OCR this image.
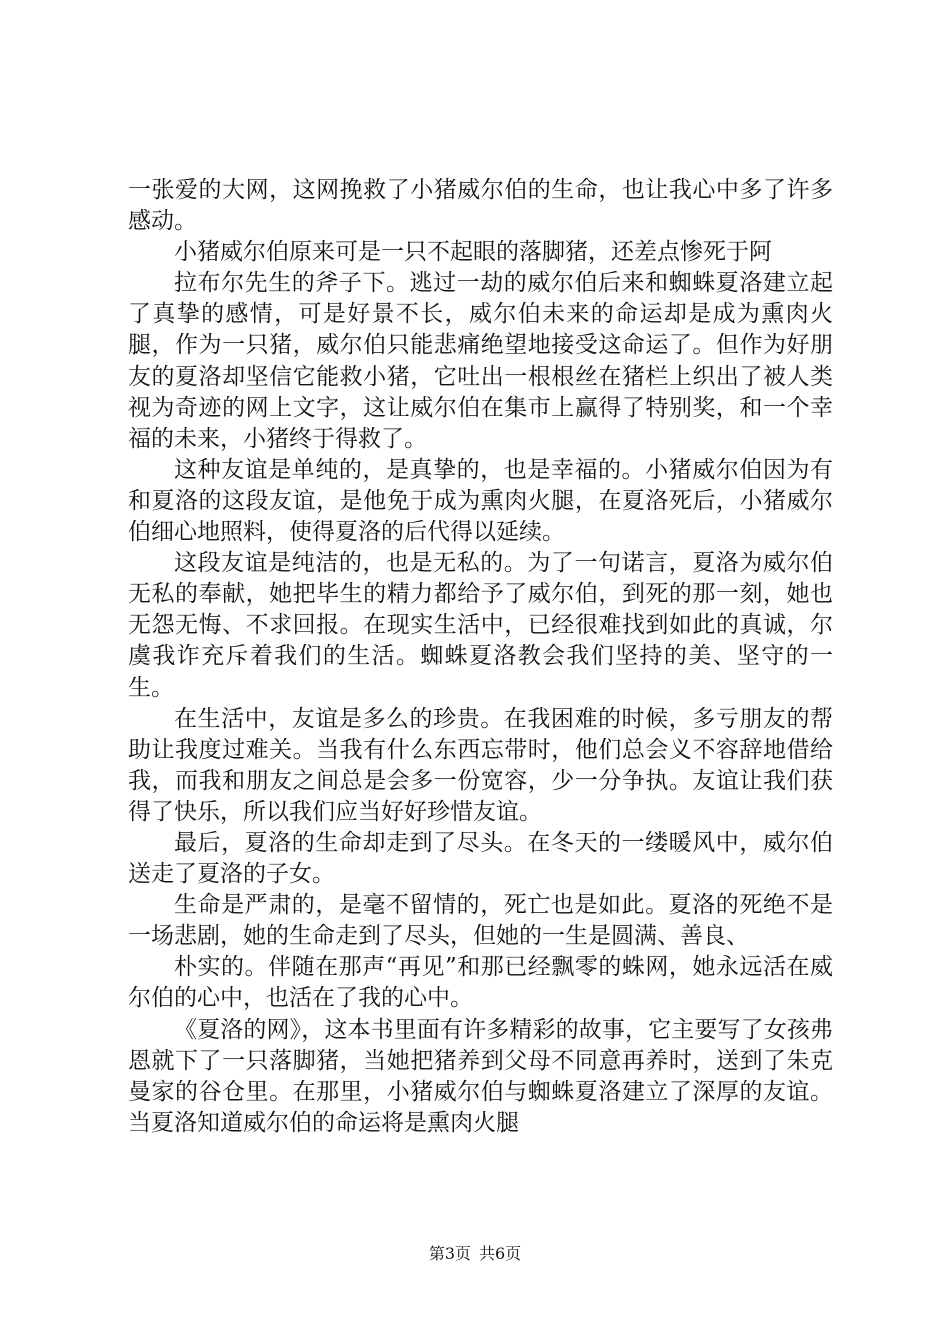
一张爱的大网，这网挽救了小猪威尔伯的生命，也让我心中多了许多感动。

小猪威尔伯原来可是一只不起眼的落脚猪，还差点惨死于阿

拉布尔先生的斧子下。逃过一劫的威尔伯后来和蜘蛛夏洛建立起了真挚的感情，可是好景不长，威尔伯未来的命运却是成为熏肉火腿，作为一只猪，威尔伯只能悲痛绝望地接受这命运了。但作为好朋友的夏洛却坚信它能救小猪，它吐出一根根丝在猪栏上织出了被人类视为奇迹的网上文字，这让威尔伯在集市上赢得了特别奖，和一个幸福的未来，小猪终于得救了。

这种友谊是单纯的，是真挚的，也是幸福的。小猪威尔伯因为有和夏洛的这段友谊，是他免于成为熏肉火腿，在夏洛死后，小猪威尔伯细心地照料，使得夏洛的后代得以延续。

这段友谊是纯洁的，也是无私的。为了一句诺言，夏洛为威尔伯无私的奉献，她把毕生的精力都给予了威尔伯，到死的那一刻，她也无怨无悔、不求回报。在现实生活中，已经很难找到如此的真诚，尔虞我诈充斥着我们的生活。蜘蛛夏洛教会我们坚持的美、坚守的一生。

在生活中，友谊是多么的珍贵。在我困难的时候，多亏朋友的帮助让我度过难关。当我有什么东西忘带时，他们总会义不容辞地借给我，而我和朋友之间总是会多一份宽容，少一分争执。友谊让我们获得了快乐，所以我们应当好好珍惜友谊。

最后，夏洛的生命却走到了尽头。在冬天的一缕暖风中，威尔伯送走了夏洛的子女。

生命是严肃的，是毫不留情的，死亡也是如此。夏洛的死绝不是一场悲剧，她的生命走到了尽头，但她的一生是圆满、善良、

朴实的。伴随在那声“再见”和那已经飘零的蛛网，她永远活在威尔伯的心中，也活在了我的心中。

《夏洛的网》，这本书里面有许多精彩的故事，它主要写了女孩弗恩就下了一只落脚猪，当她把猪养到父母不同意再养时，送到了朱克曼家的谷仓里。在那里，小猪威尔伯与蜘蛛夏洛建立了深厚的友谊。当夏洛知道威尔伯的命运将是熏肉火腿

第3页 共6页
